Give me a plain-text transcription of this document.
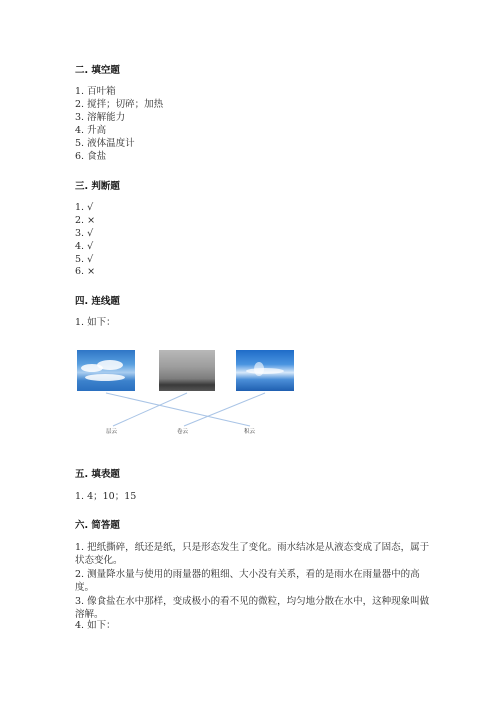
二. 填空题
1. 百叶箱
2. 搅拌；切碎；加热
3. 溶解能力
4. 升高
5. 液体温度计
6. 食盐
三. 判断题
1. √
2. ×
3. √
4. √
5. √
6. ×
四. 连线题
1. 如下：
层云	卷云	积云
五. 填表题
1. 4；10；15
六. 简答题
1. 把纸撕碎，纸还是纸，只是形态发生了变化。雨水结冰是从液态变成了固态，属于状态变化。
2. 测量降水量与使用的雨量器的粗细、大小没有关系，看的是雨水在雨量器中的高度。
3. 像食盐在水中那样，变成极小的看不见的微粒，均匀地分散在水中，这种现象叫做溶解。
4. 如下：
